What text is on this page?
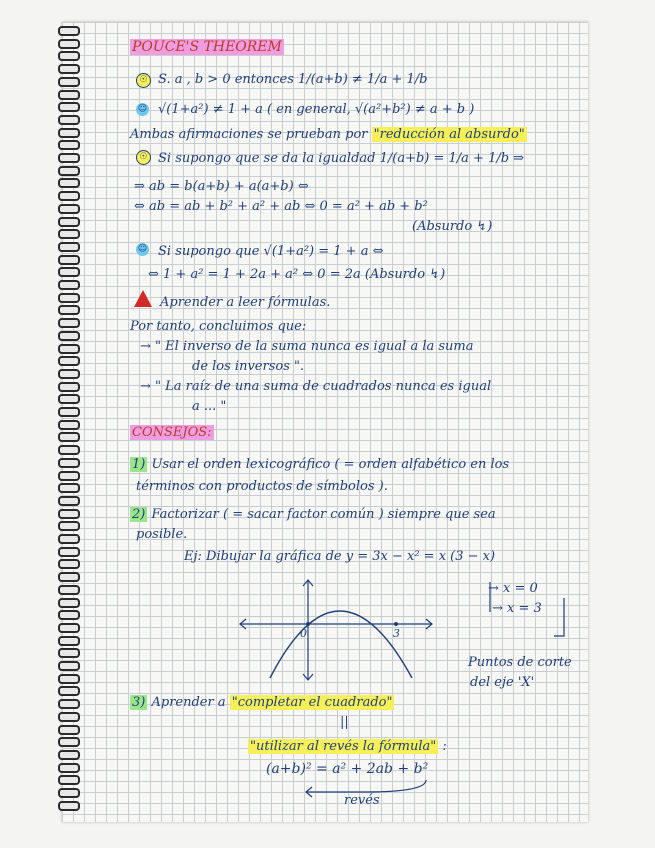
POUCE'S THEOREM
☉ S. a , b > 0 entonces 1/(a+b) ≠ 1/a + 1/b
☺ √(1+a²) ≠ 1 + a ( en general, √(a²+b²) ≠ a + b )
Ambas afirmaciones se prueban por "reducción al absurdo"
☉ Si supongo que se da la igualdad 1/(a+b) = 1/a + 1/b ⇒
⇒ ab = b(a+b) + a(a+b) ⇔
⇔ ab = ab + b² + a² + ab ⇔ 0 = a² + ab + b²
(Absurdo ↯)
☺ Si supongo que √(1+a²) = 1 + a ⇔
⇔ 1 + a² = 1 + 2a + a² ⇔ 0 = 2a (Absurdo ↯)
Aprender a leer fórmulas.
Por tanto, concluimos que:
→ " El inverso de la suma nunca es igual a la suma
de los inversos ".
→ " La raíz de una suma de cuadrados nunca es igual
a ... "
CONSEJOS:
1) Usar el orden lexicográfico ( = orden alfabético en los
términos con productos de símbolos ).
2) Factorizar ( = sacar factor común ) siempre que sea
posible.
Ej: Dibujar la gráfica de y = 3x − x² = x (3 − x)
0	3
→ x = 0
→ x = 3
Puntos de corte
del eje 'X'
3) Aprender a "completar el cuadrado"
||
"utilizar al revés la fórmula" :
(a+b)² = a² + 2ab + b²
revés
